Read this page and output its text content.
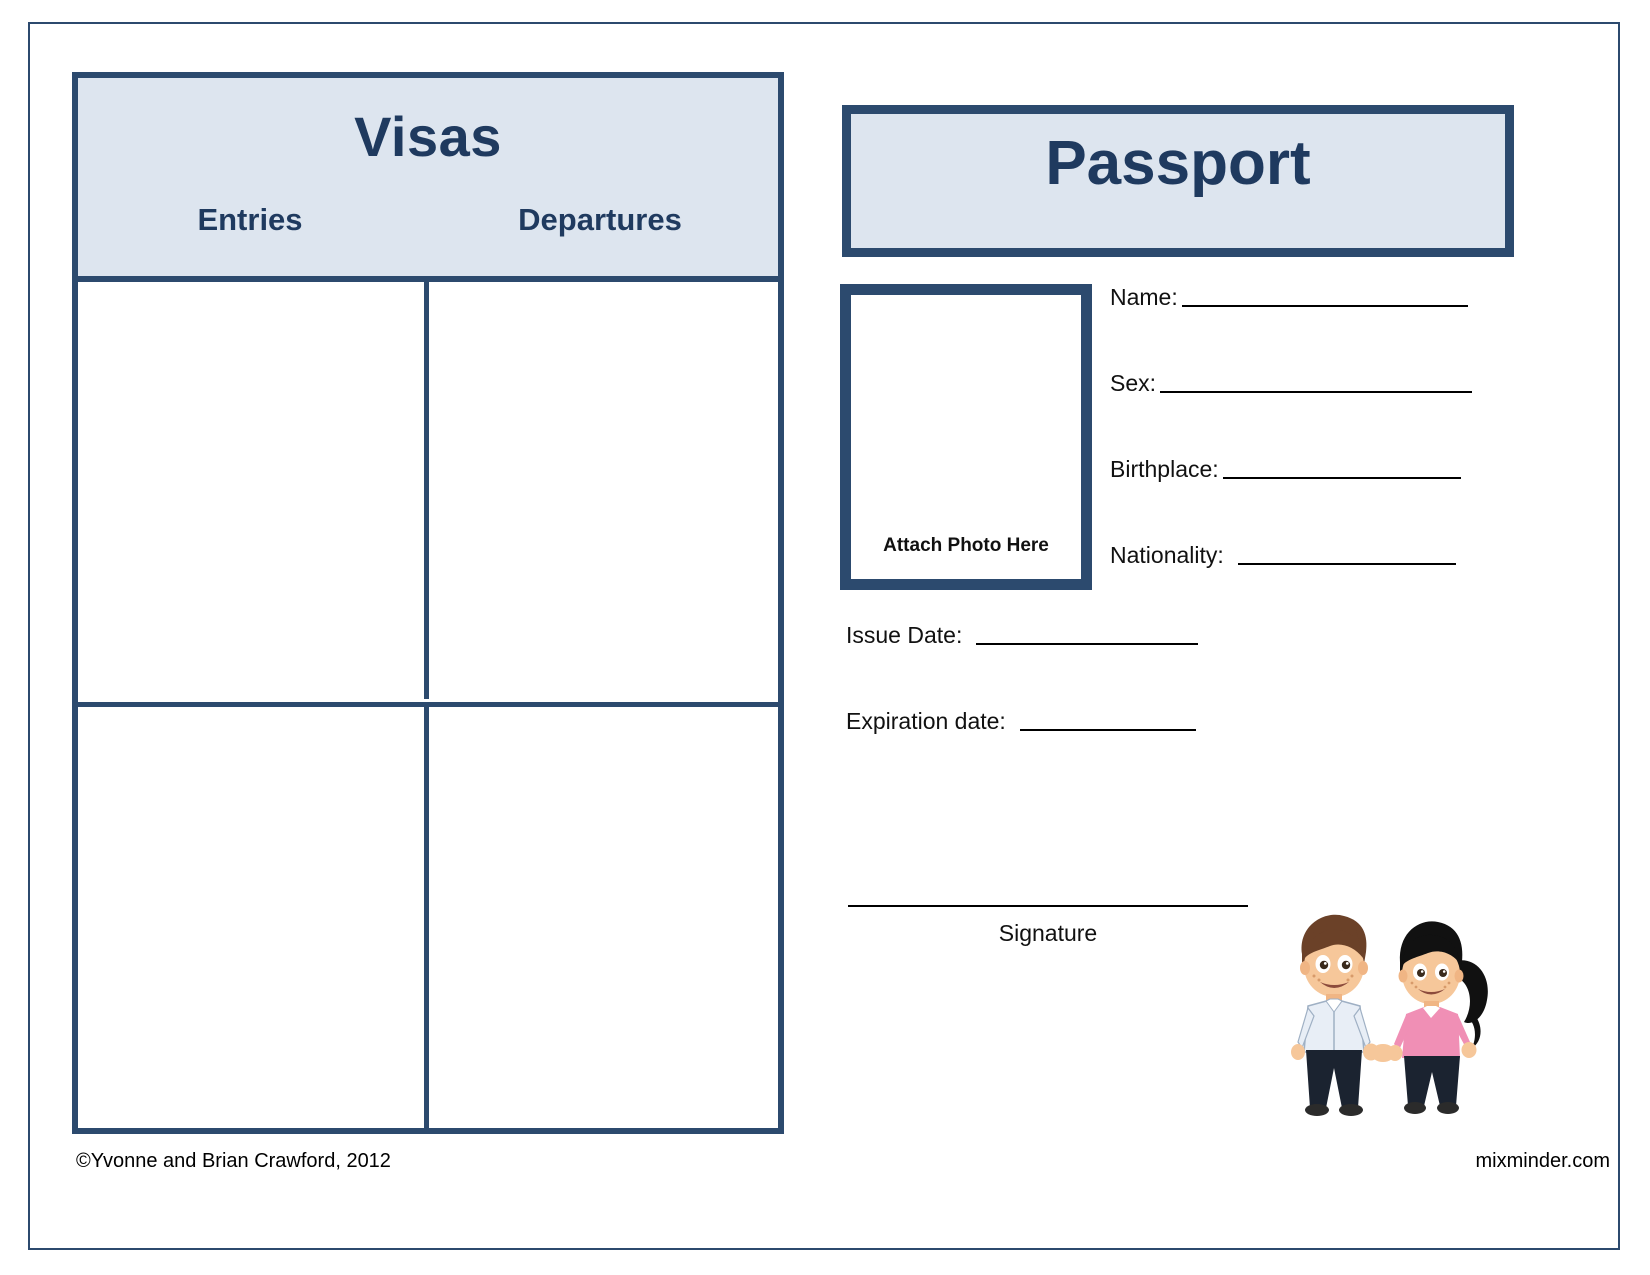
Visas
Entries	Departures
Passport
Attach Photo Here
Name:
Sex:
Birthplace:
Nationality:
Issue Date:
Expiration date:
Signature
©Yvonne and Brian Crawford, 2012	mixminder.com
